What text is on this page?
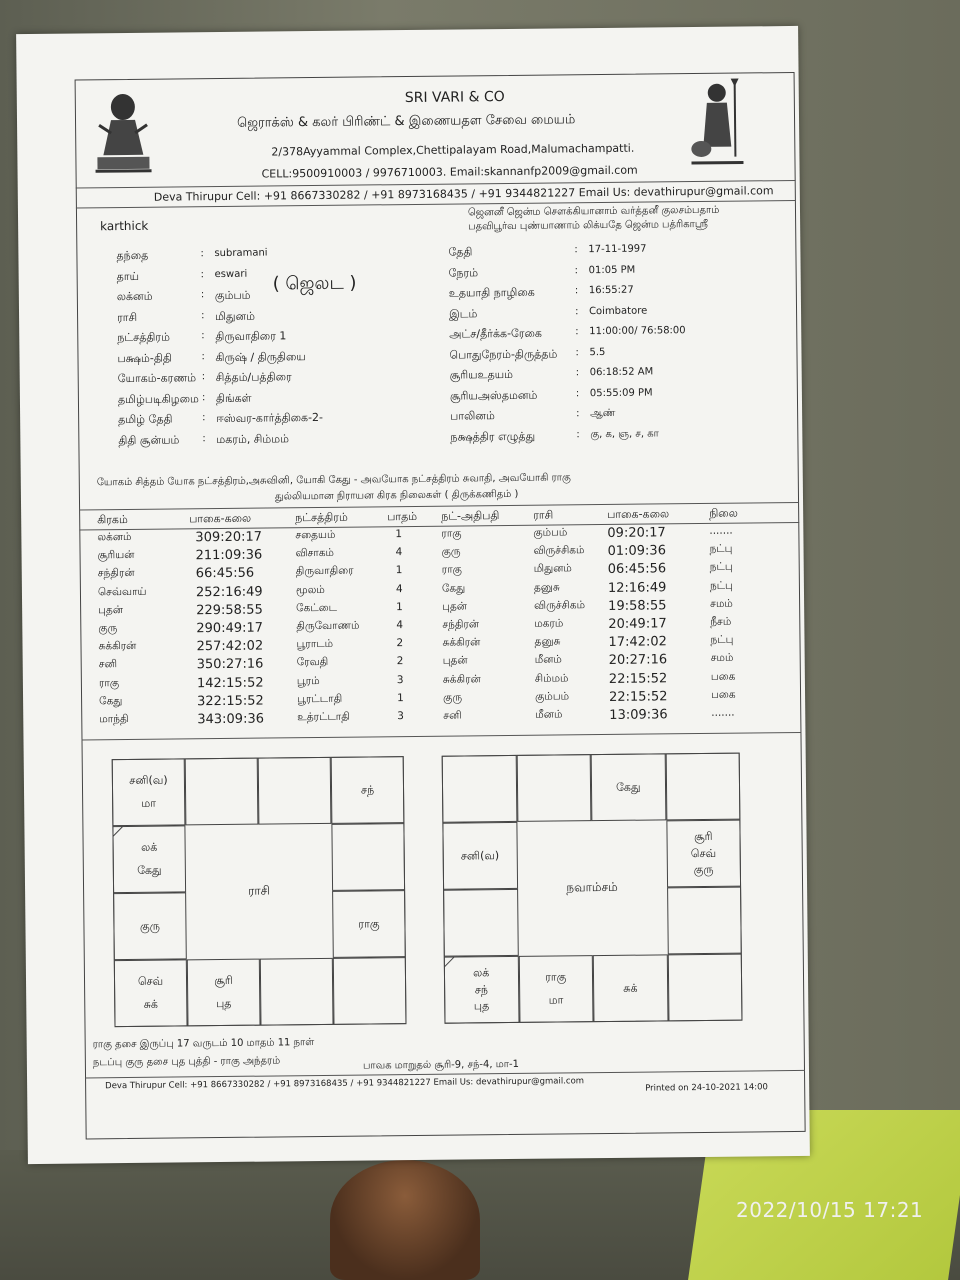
SRI VARI & CO
ஜெராக்ஸ் & கலர் பிரிண்ட் & இணையதள சேவை மையம்
2/378Ayyammal Complex,Chettipalayam Road,Malumachampatti.
CELL:9500910003 / 9976710003. Email:skannanfp2009@gmail.com
Deva Thirupur Cell: +91 8667330282 / +91 8973168435 / +91 9344821227 Email Us: devathirupur@gmail.com
karthick
ஜெனனீ ஜென்ம சௌக்கியானாம் வர்த்தனீ குலசம்பதாம்
பதவிபூர்வ புண்யாணாம் லிக்யதே ஜென்ம பத்ரிகாஶ்ரீ
தந்தை	: subramani
தாய்	: eswari
லக்னம்	: கும்பம்
ராசி	: மிதுனம்
நட்சத்திரம்	: திருவாதிரை 1
பக்ஷம்-திதி	: கிருஷ் / திருதியை
யோகம்-கரணம் : சித்தம்/பத்திரை
தமிழ்படிகிழமை : திங்கள்
தமிழ் தேதி	: ஈஸ்வர-கார்த்திகை-2-
திதி சூன்யம் : மகரம், சிம்மம்
( ஜெலட )
தேதி	: 17-11-1997
நேரம்	: 01:05 PM
உதயாதி நாழிகை	: 16:55:27
இடம்	: Coimbatore
அட்ச/தீர்க்க-ரேகை	: 11:00:00/ 76:58:00
பொதுநேரம்-திருத்தம் : 5.5
சூரியஉதயம்	: 06:18:52 AM
சூரியஅஸ்தமனம்	: 05:55:09 PM
பாலினம்	: ஆண்
நக்ஷத்திர எழுத்து	: கு, க, ஞ, ச, கா
யோகம் சித்தம் யோக நட்சத்திரம்,அசுவினி, யோகி கேது - அவயோக நட்சத்திரம் சுவாதி, அவயோகி ராகு
துல்லியமான நிராயன கிரக நிலைகள் ( திருக்கணிதம் )
கிரகம்	பாகை-கலை	நட்சத்திரம்	பாதம் நட்-அதிபதி	ராசி	பாகை-கலை	நிலை
லக்னம்	309:20:17	சதையம்	1	ராகு	கும்பம்	09:20:17	.......
சூரியன்	211:09:36	விசாகம்	4	குரு	விருச்சிகம் 01:09:36	நட்பு
சந்திரன்	66:45:56	திருவாதிரை	1	ராகு	மிதுனம்	06:45:56	நட்பு
செவ்வாய்	252:16:49	மூலம்	4	கேது	தனுசு	12:16:49	நட்பு
புதன்	229:58:55	கேட்டை	1	புதன்	விருச்சிகம் 19:58:55	சமம்
குரு	290:49:17	திருவோணம்	4	சந்திரன்	மகரம்	20:49:17	நீசம்
சுக்கிரன்	257:42:02	பூராடம்	2	சுக்கிரன்	தனுசு	17:42:02	நட்பு
சனி	350:27:16	ரேவதி	2	புதன்	மீனம்	20:27:16	சமம்
ராகு	142:15:52	பூரம்	3	சுக்கிரன்	சிம்மம்	22:15:52	பகை
கேது	322:15:52	பூரட்டாதி	1	குரு	கும்பம்	22:15:52	பகை
மாந்தி	343:09:36	உத்ரட்டாதி	3	சனி	மீனம்	13:09:36	.......
சனி(வ)
மா
சந்
லக்
கேது
குரு	ராகு
செவ்
சுக்
சூரி
புத
ராசி
கேது
சனி(வ)
சூரி
செவ்
குரு
லக்
சந்
புத
ராகு
மா
சுக்
நவாம்சம்
ராகு தசை இருப்பு 17 வருடம் 10 மாதம் 11 நாள்
நடப்பு குரு தசை புத புத்தி - ராகு அந்தரம்	பாவக மாறுதல் சூரி-9, சந்-4, மா-1
Deva Thirupur Cell: +91 8667330282 / +91 8973168435 / +91 9344821227 Email Us: devathirupur@gmail.com	Printed on 24-10-2021 14:00
2022/10/15 17:21
